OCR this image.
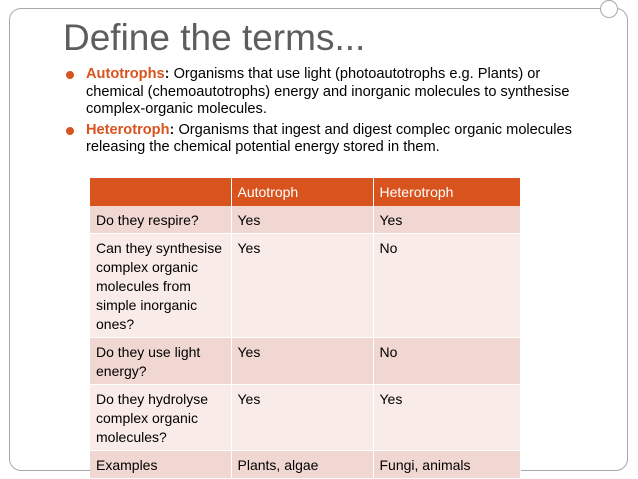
Define the terms...
Autotrophs: Organisms that use light (photoautotrophs e.g. Plants) or chemical (chemoautotrophs) energy and inorganic molecules to synthesise complex-organic molecules.
Heterotroph: Organisms that ingest and digest complec organic molecules releasing the chemical potential energy stored in them.
	Autotroph	Heterotroph
Do they respire?	Yes	Yes
Can they synthesise complex organic molecules from simple inorganic ones?	Yes	No
Do they use light energy?	Yes	No
Do they hydrolyse complex organic molecules?	Yes	Yes
Examples	Plants, algae	Fungi, animals
